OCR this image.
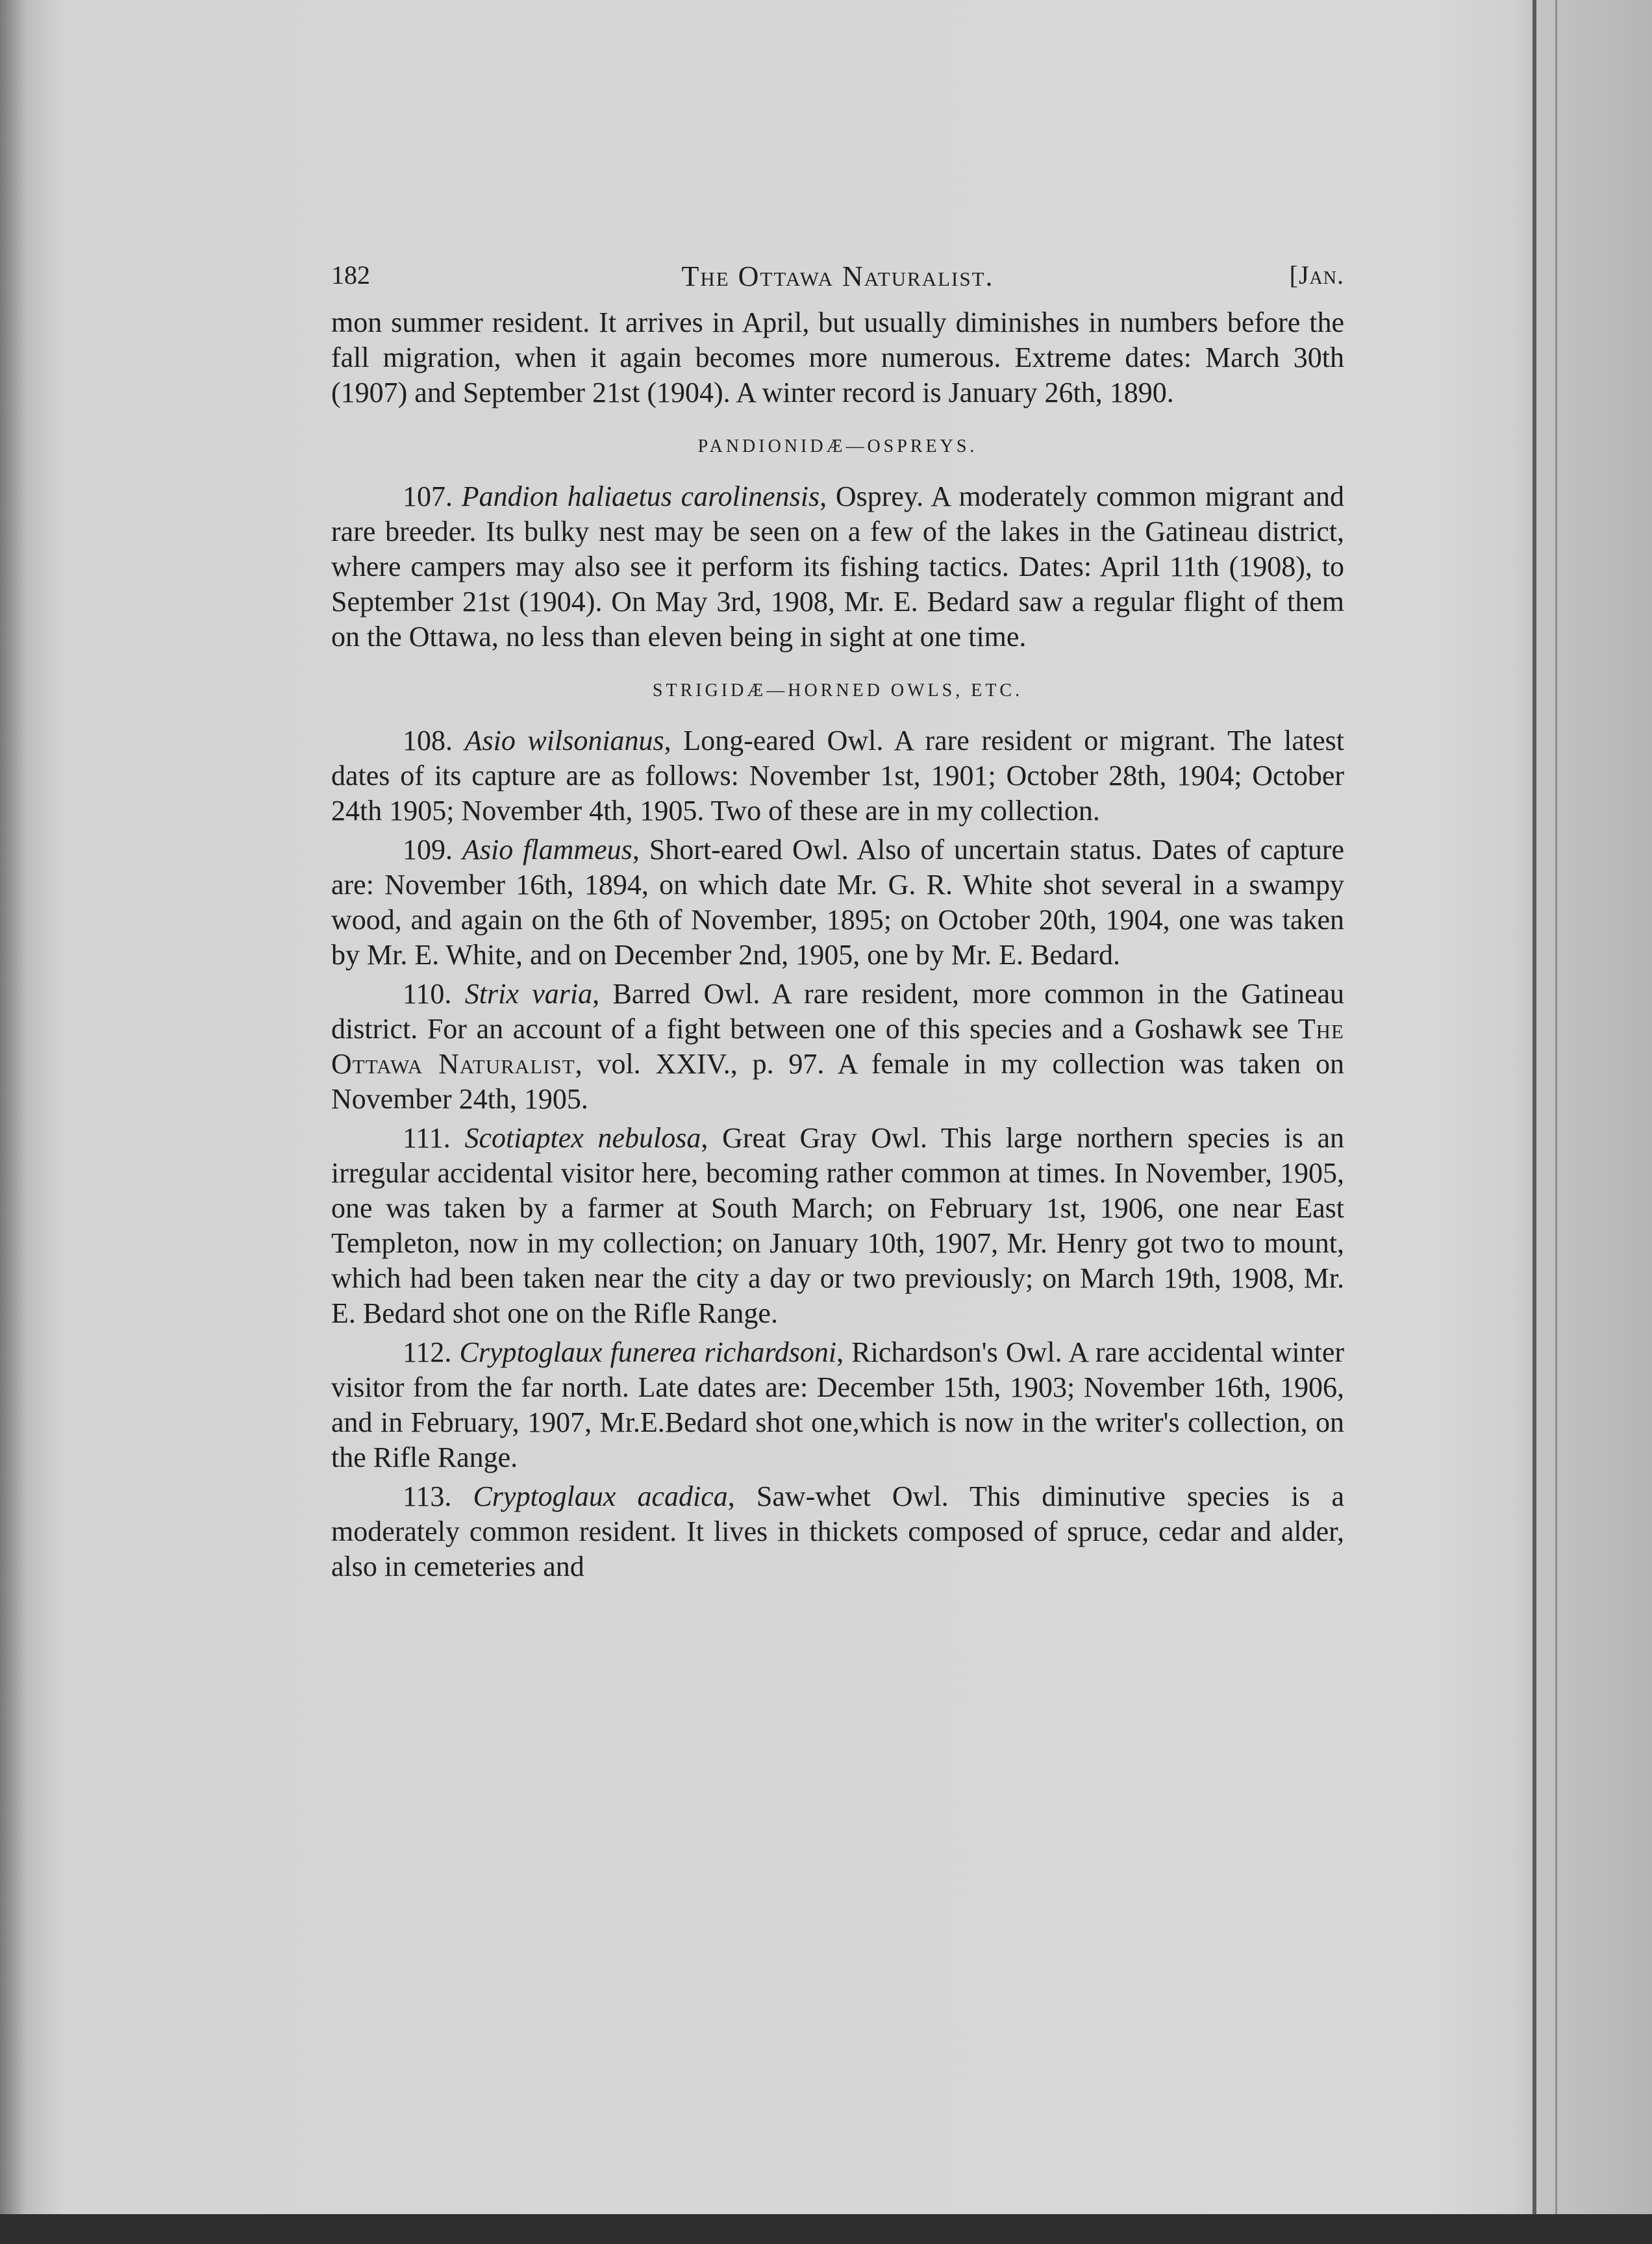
182	The Ottawa Naturalist.	[Jan.

mon summer resident. It arrives in April, but usually diminishes in numbers before the fall migration, when it again becomes more numerous. Extreme dates: March 30th (1907) and September 21st (1904). A winter record is January 26th, 1890.

PANDIONIDÆ—OSPREYS.

107. Pandion haliaetus carolinensis, Osprey. A moderately common migrant and rare breeder. Its bulky nest may be seen on a few of the lakes in the Gatineau district, where campers may also see it perform its fishing tactics. Dates: April 11th (1908), to September 21st (1904). On May 3rd, 1908, Mr. E. Bedard saw a regular flight of them on the Ottawa, no less than eleven being in sight at one time.

STRIGIDÆ—HORNED OWLS, ETC.

108. Asio wilsonianus, Long-eared Owl. A rare resident or migrant. The latest dates of its capture are as follows: November 1st, 1901; October 28th, 1904; October 24th 1905; November 4th, 1905. Two of these are in my collection.

109. Asio flammeus, Short-eared Owl. Also of uncertain status. Dates of capture are: November 16th, 1894, on which date Mr. G. R. White shot several in a swampy wood, and again on the 6th of November, 1895; on October 20th, 1904, one was taken by Mr. E. White, and on December 2nd, 1905, one by Mr. E. Bedard.

110. Strix varia, Barred Owl. A rare resident, more common in the Gatineau district. For an account of a fight between one of this species and a Goshawk see The Ottawa Naturalist, vol. XXIV., p. 97. A female in my collection was taken on November 24th, 1905.

111. Scotiaptex nebulosa, Great Gray Owl. This large northern species is an irregular accidental visitor here, becoming rather common at times. In November, 1905, one was taken by a farmer at South March; on February 1st, 1906, one near East Templeton, now in my collection; on January 10th, 1907, Mr. Henry got two to mount, which had been taken near the city a day or two previously; on March 19th, 1908, Mr. E. Bedard shot one on the Rifle Range.

112. Cryptoglaux funerea richardsoni, Richardson's Owl. A rare accidental winter visitor from the far north. Late dates are: December 15th, 1903; November 16th, 1906, and in February, 1907, Mr.E.Bedard shot one,which is now in the writer's collection, on the Rifle Range.

113. Cryptoglaux acadica, Saw-whet Owl. This diminutive species is a moderately common resident. It lives in thickets composed of spruce, cedar and alder, also in cemeteries and
